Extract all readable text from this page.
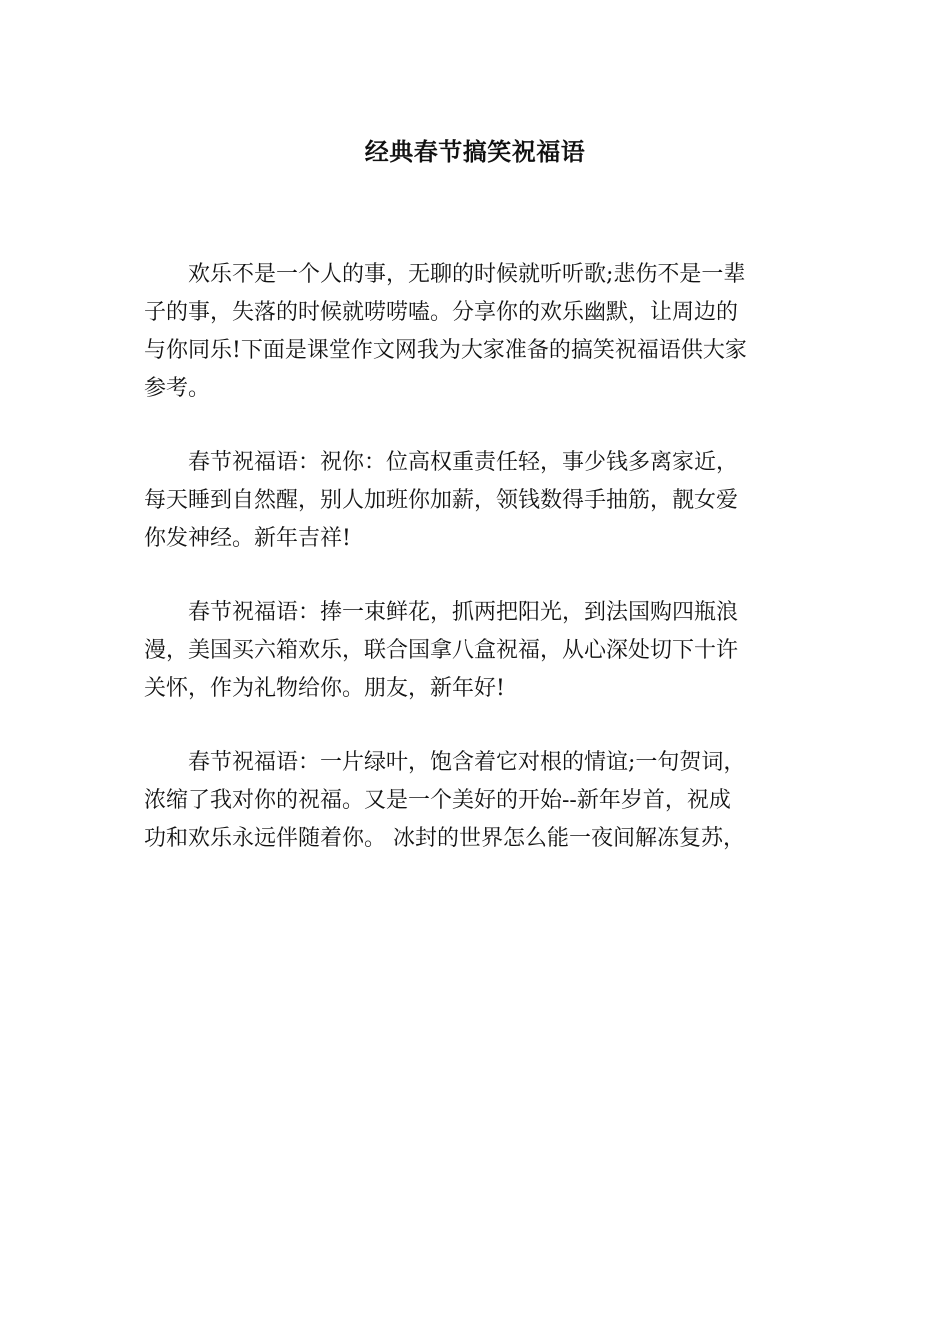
经典春节搞笑祝福语
欢乐不是一个人的事，无聊的时候就听听歌;悲伤不是一辈
子的事，失落的时候就唠唠嗑。分享你的欢乐幽默，让周边的
与你同乐!下面是课堂作文网我为大家准备的搞笑祝福语供大家
参考。
春节祝福语：祝你：位高权重责任轻，事少钱多离家近，
每天睡到自然醒，别人加班你加薪，领钱数得手抽筋，靓女爱
你发神经。新年吉祥!
春节祝福语：捧一束鲜花，抓两把阳光，到法国购四瓶浪
漫，美国买六箱欢乐，联合国拿八盒祝福，从心深处切下十许
关怀，作为礼物给你。朋友，新年好!
春节祝福语：一片绿叶，饱含着它对根的情谊;一句贺词，
浓缩了我对你的祝福。又是一个美好的开始--新年岁首，祝成
功和欢乐永远伴随着你。 冰封的世界怎么能一夜间解冻复苏，
